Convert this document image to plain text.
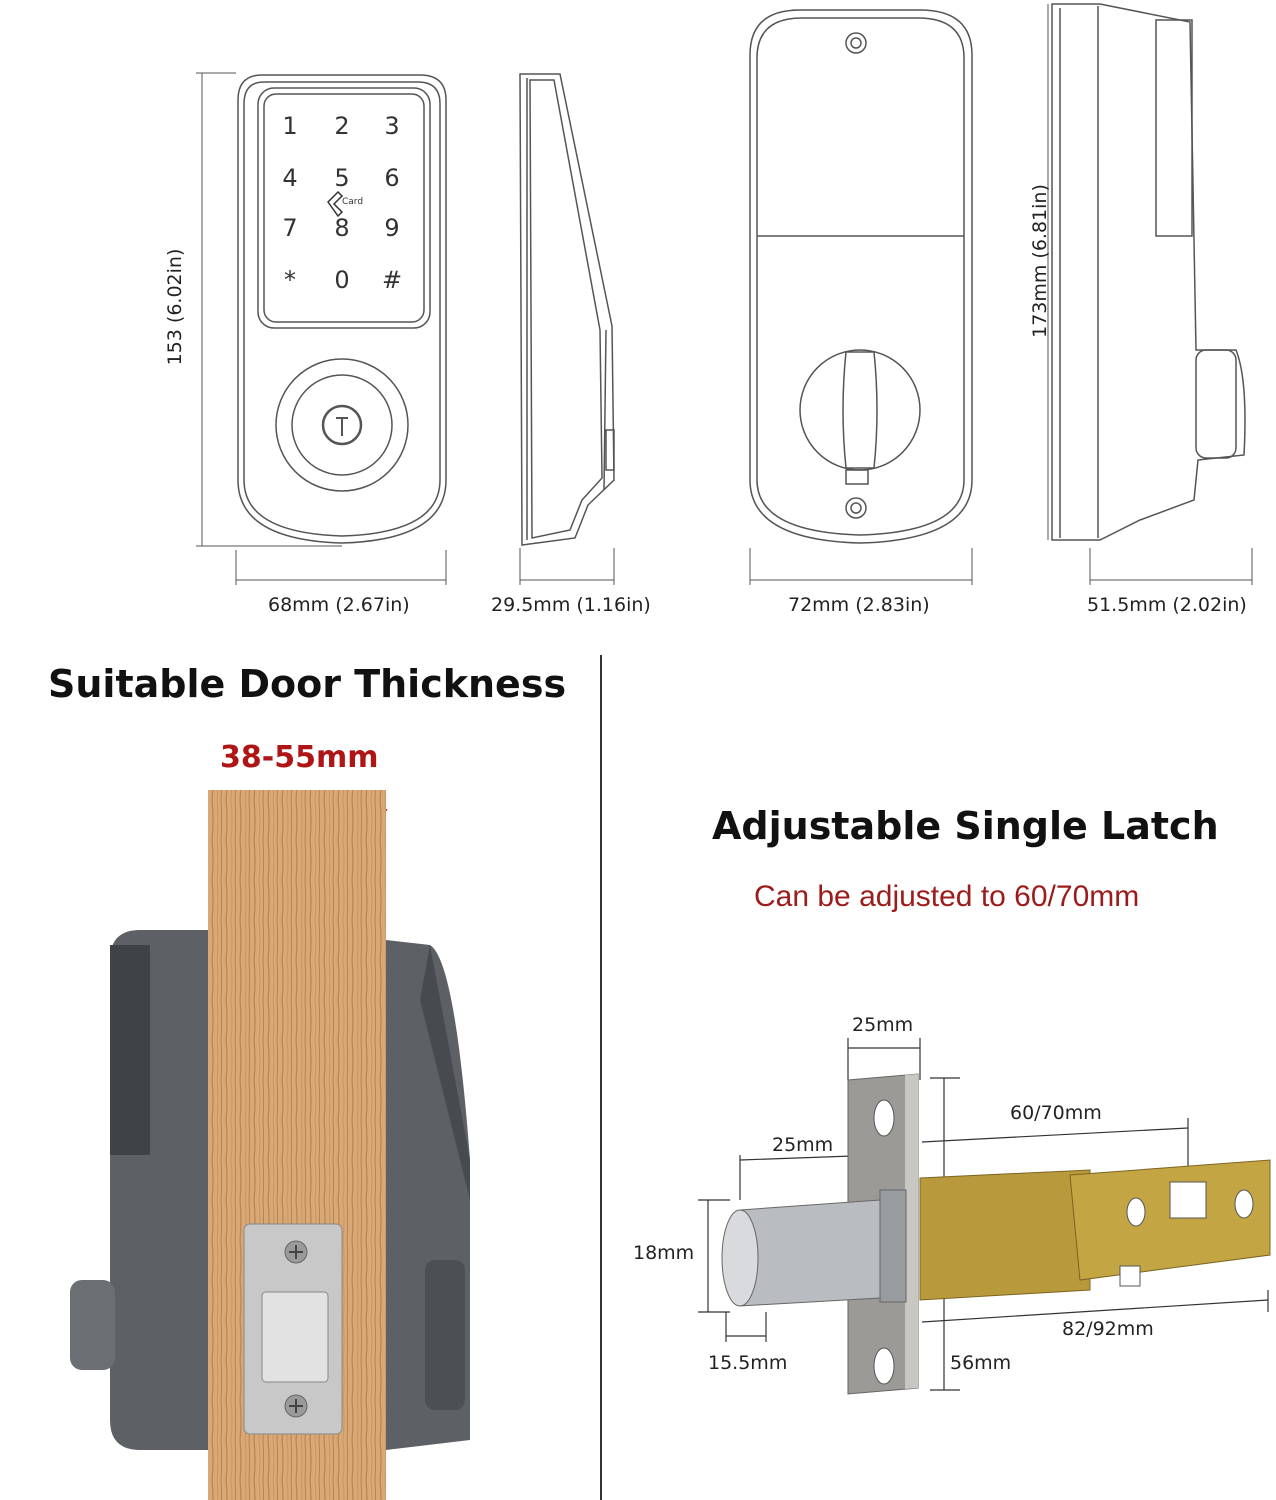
1	2	3
4	5	6
7	8	9
*	0	#
Card
153 (6.02in)
68mm (2.67in)	29.5mm (1.16in)	72mm (2.83in)
173mm (6.81in)
51.5mm (2.02in)
Suitable Door Thickness
38-55mm
Adjustable Single Latch
Can be adjusted to 60/70mm
25mm
25mm
60/70mm
18mm
15.5mm	56mm
82/92mm
